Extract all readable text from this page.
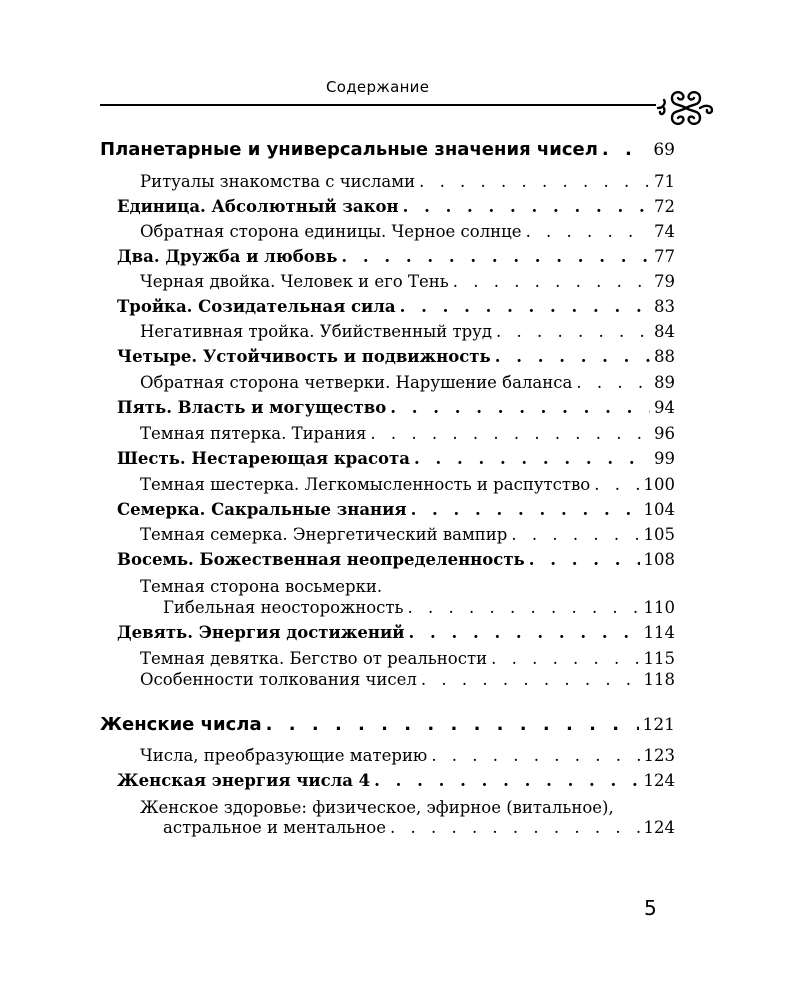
Содержание
Планетарные и универсальные значения чисел . . .	69
Ритуалы знакомства с числами . . .	71
Единица. Абсолютный закон . . .	72
Обратная сторона единицы. Черное солнце . . .	74
Два. Дружба и любовь . . .	77
Черная двойка. Человек и его Тень . . .	79
Тройка. Созидательная сила . . .	83
Негативная тройка. Убийственный труд . . .	84
Четыре. Устойчивость и подвижность . . .	88
Обратная сторона четверки. Нарушение баланса . . .	89
Пять. Власть и могущество . . .	94
Темная пятерка. Тирания . . .	96
Шесть. Нестареющая красота . . .	99
Темная шестерка. Легкомысленность и распутство . . .	100
Семерка. Сакральные знания . . .	104
Темная семерка. Энергетический вампир . . .	105
Восемь. Божественная неопределенность . . .	108
Темная сторона восьмерки.
Гибельная неосторожность . . .	110
Девять. Энергия достижений . . .	114
Темная девятка. Бегство от реальности . . .	115
Особенности толкования чисел . . .	118
Женские числа . . .	121
Числа, преобразующие материю . . .	123
Женская энергия числа 4 . . .	124
Женское здоровье: физическое, эфирное (витальное),
астральное и ментальное . . .	124
5
